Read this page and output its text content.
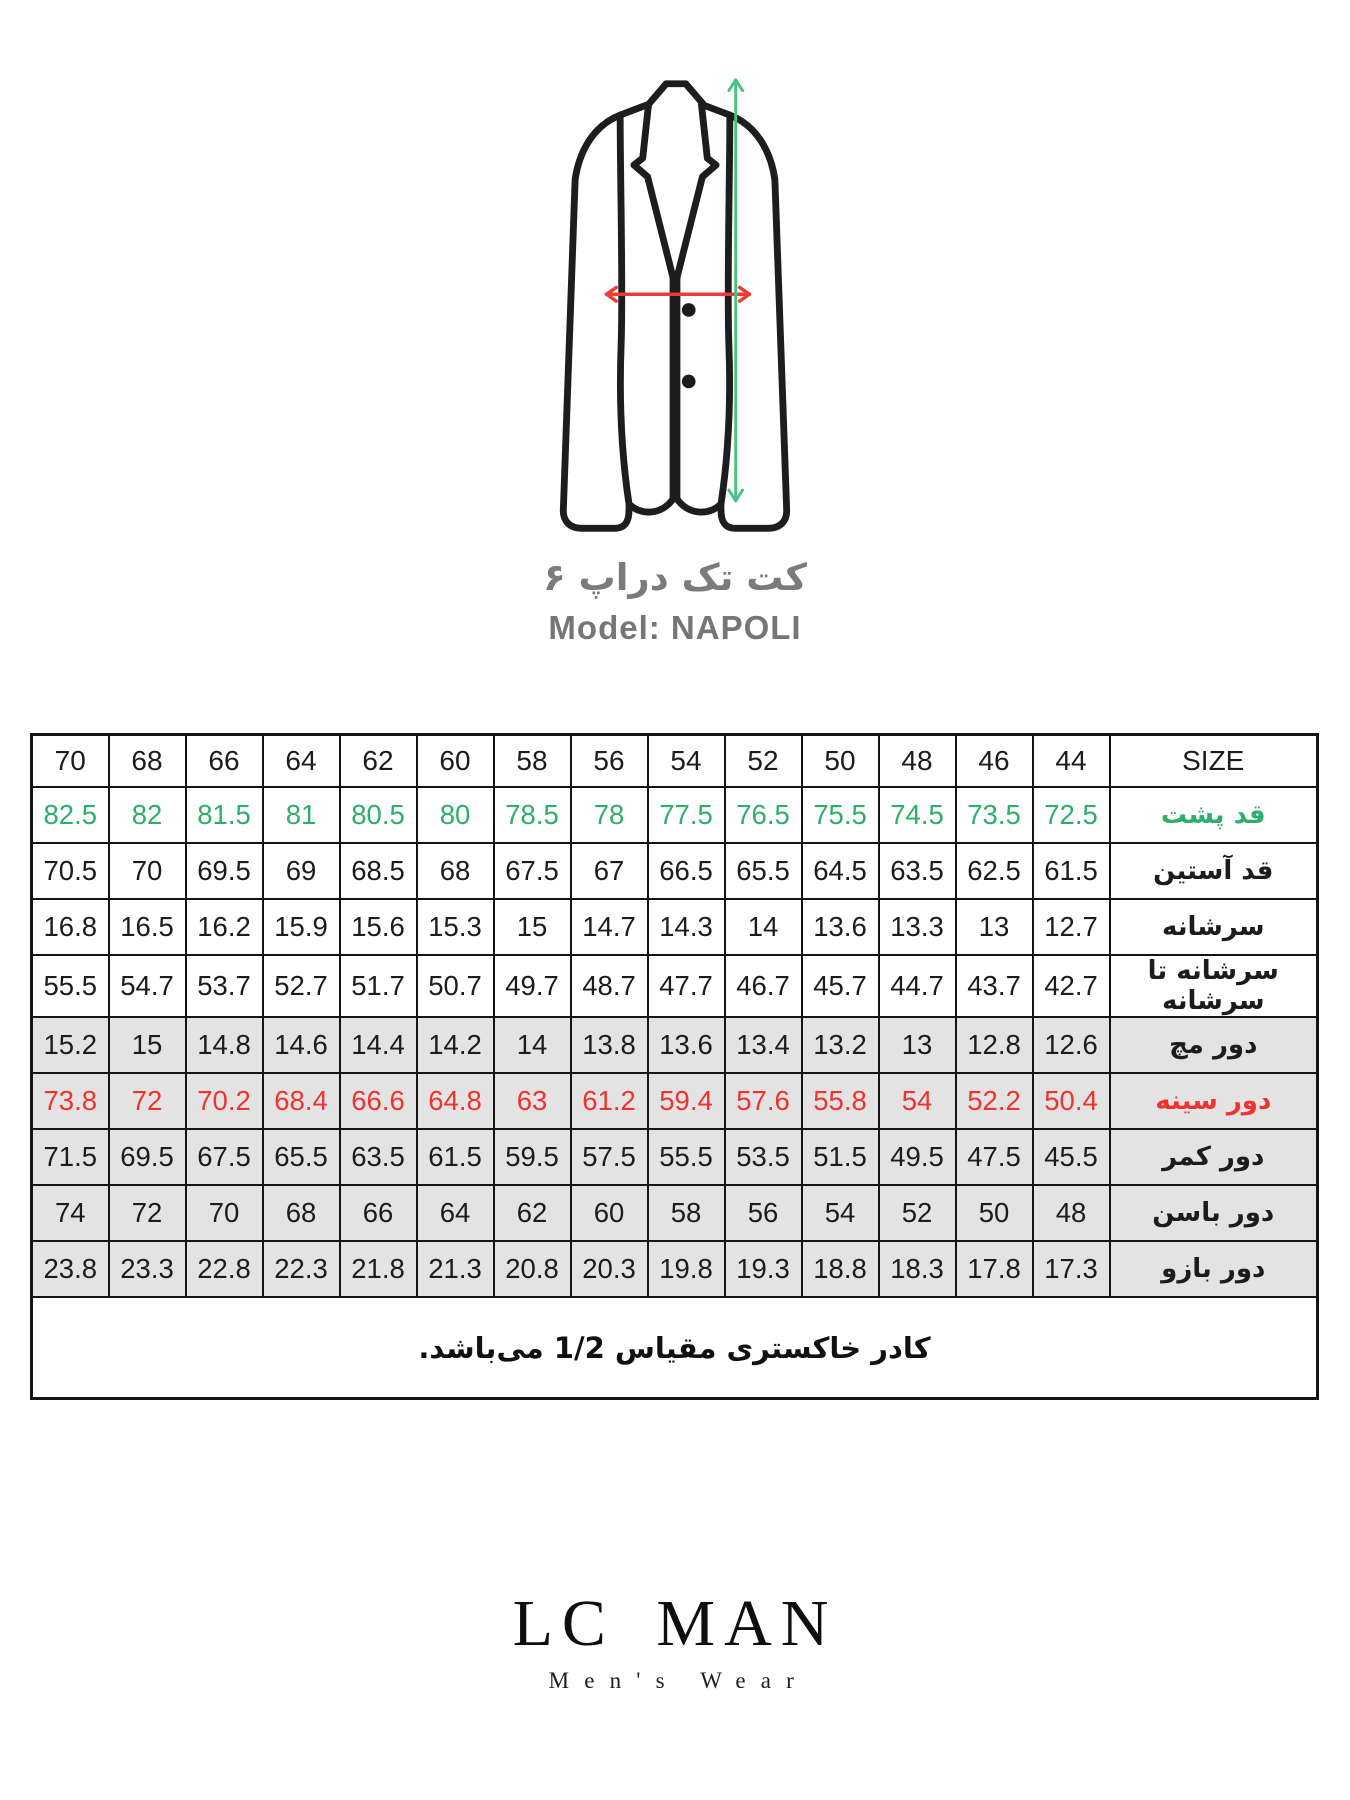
کت تک دراپ ۶
Model: NAPOLI
70	68	66	64	62	60	58	56	54	52	50	48	46	44	SIZE
82.5	82	81.5	81	80.5	80	78.5	78	77.5	76.5	75.5	74.5	73.5	72.5	قد پشت
70.5	70	69.5	69	68.5	68	67.5	67	66.5	65.5	64.5	63.5	62.5	61.5	قد آستین
16.8	16.5	16.2	15.9	15.6	15.3	15	14.7	14.3	14	13.6	13.3	13	12.7	سرشانه
55.5	54.7	53.7	52.7	51.7	50.7	49.7	48.7	47.7	46.7	45.7	44.7	43.7	42.7	سرشانه تا سرشانه
15.2	15	14.8	14.6	14.4	14.2	14	13.8	13.6	13.4	13.2	13	12.8	12.6	دور مچ
73.8	72	70.2	68.4	66.6	64.8	63	61.2	59.4	57.6	55.8	54	52.2	50.4	دور سینه
71.5	69.5	67.5	65.5	63.5	61.5	59.5	57.5	55.5	53.5	51.5	49.5	47.5	45.5	دور کمر
74	72	70	68	66	64	62	60	58	56	54	52	50	48	دور باسن
23.8	23.3	22.8	22.3	21.8	21.3	20.8	20.3	19.8	19.3	18.8	18.3	17.8	17.3	دور بازو
کادر خاکستری مقیاس 1/2 می‌باشد.														
LC MAN
Men's Wear
